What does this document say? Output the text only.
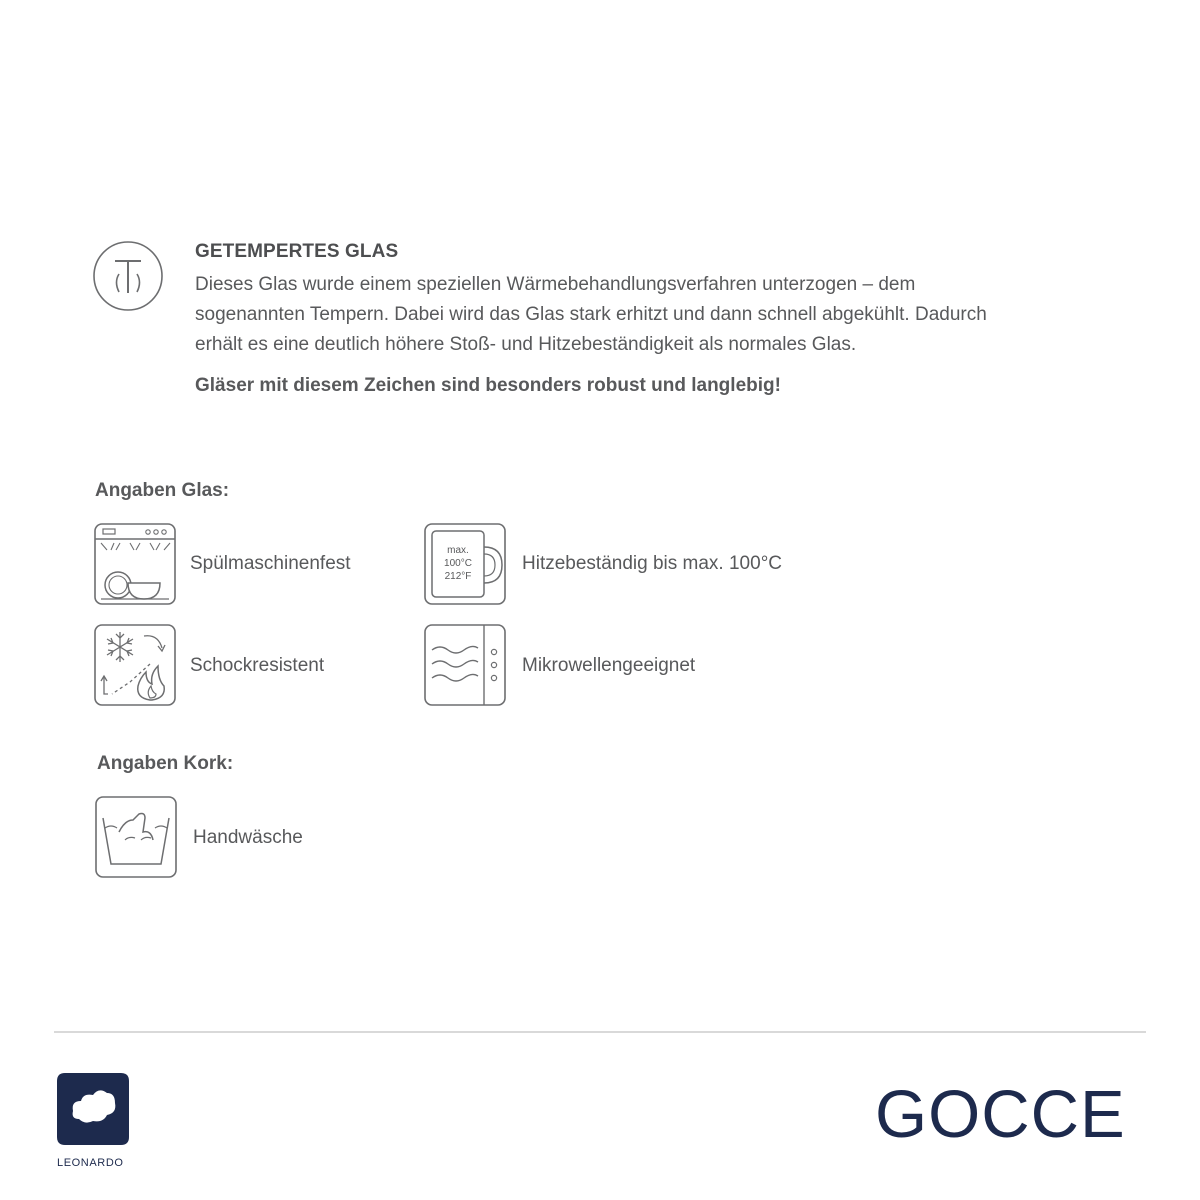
GETEMPERTES GLAS
Dieses Glas wurde einem speziellen Wärmebehandlungsverfahren unterzogen – dem
sogenannten Tempern. Dabei wird das Glas stark erhitzt und dann schnell abgekühlt. Dadurch
erhält es eine deutlich höhere Stoß- und Hitzebeständigkeit als normales Glas.
Gläser mit diesem Zeichen sind besonders robust und langlebig!
Angaben Glas:
Spülmaschinenfest
max.
100°C
212°F
Hitzebeständig bis max. 100°C
Schockresistent	Mikrowellengeeignet
Angaben Kork:
Handwäsche
LEONARDO
GOCCE
